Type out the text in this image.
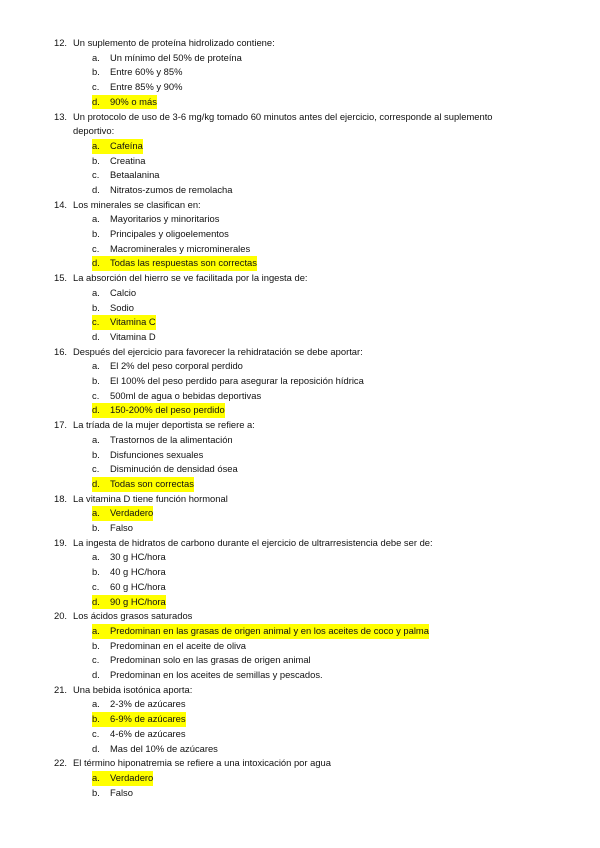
12. Un suplemento de proteína hidrolizado contiene:
a. Un mínimo del 50% de proteína
b. Entre 60% y 85%
c. Entre 85% y 90%
d.	90% o más
13. Un protocolo de uso de 3-6 mg/kg tomado 60 minutos antes del ejercicio, corresponde al suplemento
deportivo:
a.	Cafeína
b. Creatina
c. Betaalanina
d. Nitratos-zumos de remolacha
14. Los minerales se clasifican en:
a. Mayoritarios y minoritarios
b. Principales y oligoelementos
c. Macrominerales y microminerales
d.	Todas las respuestas son correctas
15. La absorción del hierro se ve facilitada por la ingesta de:
a. Calcio
b. Sodio
c.	Vitamina C
d. Vitamina D
16. Después del ejercicio para favorecer la rehidratación se debe aportar:
a. El 2% del peso corporal perdido
b. El 100% del peso perdido para asegurar la reposición hídrica
c. 500ml de agua o bebidas deportivas
d.	150-200% del peso perdido
17. La tríada de la mujer deportista se refiere a:
a. Trastornos de la alimentación
b. Disfunciones sexuales
c. Disminución de densidad ósea
d.	Todas son correctas
18. La vitamina D tiene función hormonal
a.	Verdadero
b. Falso
19. La ingesta de hidratos de carbono durante el ejercicio de ultrarresistencia debe ser de:
a. 30 g HC/hora
b. 40 g HC/hora
c. 60 g HC/hora
d.	90 g HC/hora
20. Los ácidos grasos saturados
a.	Predominan en las grasas de origen animal y en los aceites de coco y palma
b. Predominan en el aceite de oliva
c. Predominan solo en las grasas de origen animal
d. Predominan en los aceites de semillas y pescados.
21. Una bebida isotónica aporta:
a. 2-3% de azúcares
b.	6-9% de azúcares
c. 4-6% de azúcares
d. Mas del 10% de azúcares
22. El término hiponatremia se refiere a una intoxicación por agua
a.	Verdadero
b. Falso
